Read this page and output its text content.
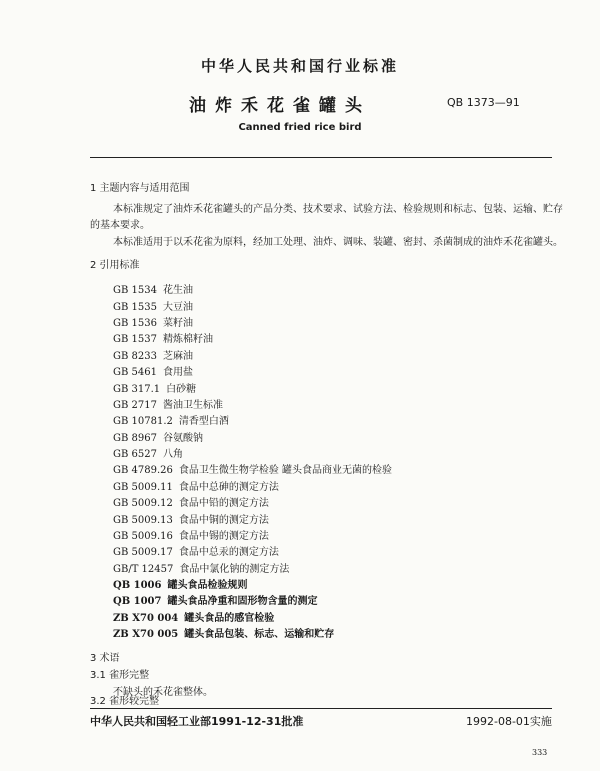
中华人民共和国行业标准
油炸禾花雀罐头	QB 1373—91
Canned fried rice bird
1 主题内容与适用范围
本标准规定了油炸禾花雀罐头的产品分类、技术要求、试验方法、检验规则和标志、包装、运输、贮存
的基本要求。
本标准适用于以禾花雀为原料，经加工处理、油炸、调味、装罐、密封、杀菌制成的油炸禾花雀罐头。
2 引用标准
GB 1534 花生油
GB 1535 大豆油
GB 1536 菜籽油
GB 1537 精炼棉籽油
GB 8233 芝麻油
GB 5461 食用盐
GB 317.1 白砂糖
GB 2717 酱油卫生标准
GB 10781.2 清香型白酒
GB 8967 谷氨酸钠
GB 6527 八角
GB 4789.26 食品卫生微生物学检验 罐头食品商业无菌的检验
GB 5009.11 食品中总砷的测定方法
GB 5009.12 食品中铅的测定方法
GB 5009.13 食品中铜的测定方法
GB 5009.16 食品中锡的测定方法
GB 5009.17 食品中总汞的测定方法
GB/T 12457 食品中氯化钠的测定方法
QB 1006 罐头食品检验规则
QB 1007 罐头食品净重和固形物含量的测定
ZB X70 004 罐头食品的感官检验
ZB X70 005 罐头食品包装、标志、运输和贮存
3 术语
3.1 雀形完整
不缺头的禾花雀整体。
3.2 雀形较完整
中华人民共和国轻工业部1991-12-31批准	1992-08-01实施
333
